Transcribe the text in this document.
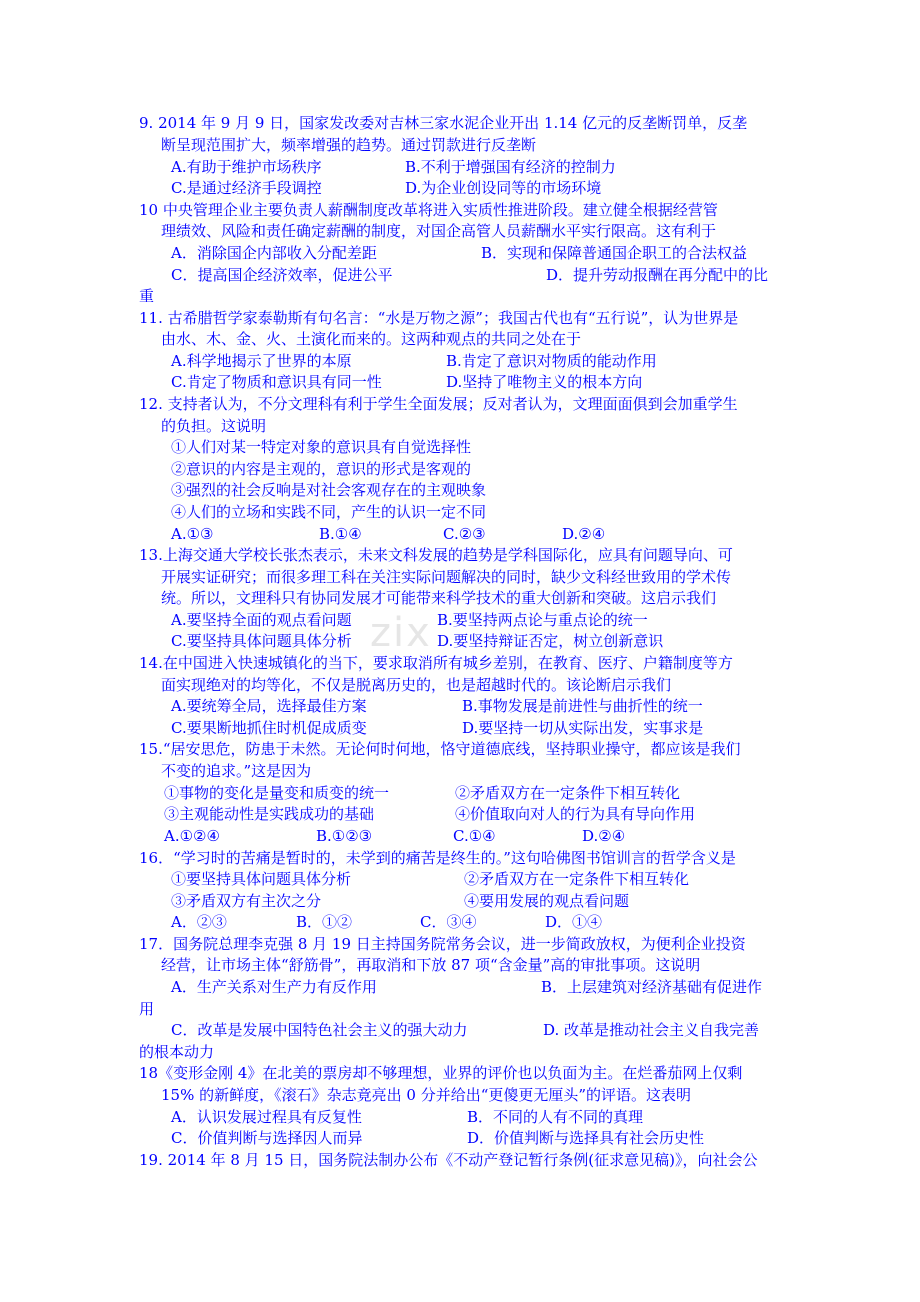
zix
9. 2014 年 9 月 9 日，国家发改委对吉林三家水泥企业开出 1.14 亿元的反垄断罚单，反垄
断呈现范围扩大，频率增强的趋势。通过罚款进行反垄断
A.有助于维护市场秩序	B.不利于增强国有经济的控制力
C.是通过经济手段调控	D.为企业创设同等的市场环境
10 中央管理企业主要负责人薪酬制度改革将进入实质性推进阶段。建立健全根据经营管
理绩效、风险和责任确定薪酬的制度，对国企高管人员薪酬水平实行限高。这有利于
A．消除国企内部收入分配差距	B．实现和保障普通国企职工的合法权益
C．提高国企经济效率，促进公平	D．提升劳动报酬在再分配中的比
重
11. 古希腊哲学家泰勒斯有句名言：“水是万物之源”；我国古代也有“五行说”，认为世界是
由水、木、金、火、土演化而来的。这两种观点的共同之处在于
A.科学地揭示了世界的本原	B.肯定了意识对物质的能动作用
C.肯定了物质和意识具有同一性	D.坚持了唯物主义的根本方向
12. 支持者认为，不分文理科有利于学生全面发展；反对者认为，文理面面俱到会加重学生
的负担。这说明
①人们对某一特定对象的意识具有自觉选择性
②意识的内容是主观的，意识的形式是客观的
③强烈的社会反响是对社会客观存在的主观映象
④人们的立场和实践不同，产生的认识一定不同
A.①③	B.①④	C.②③	D.②④
13.上海交通大学校长张杰表示，未来文科发展的趋势是学科国际化，应具有问题导向、可
开展实证研究；而很多理工科在关注实际问题解决的同时，缺少文科经世致用的学术传
统。所以，文理科只有协同发展才可能带来科学技术的重大创新和突破。这启示我们
A.要坚持全面的观点看问题	B.要坚持两点论与重点论的统一
C.要坚持具体问题具体分析	D.要坚持辩证否定，树立创新意识
14.在中国进入快速城镇化的当下，要求取消所有城乡差别，在教育、医疗、户籍制度等方
面实现绝对的均等化，不仅是脱离历史的，也是超越时代的。该论断启示我们
A.要统筹全局，选择最佳方案	B.事物发展是前进性与曲折性的统一
C.要果断地抓住时机促成质变	D.要坚持一切从实际出发，实事求是
15.“居安思危，防患于未然。无论何时何地，恪守道德底线，坚持职业操守，都应该是我们
不变的追求。”这是因为
①事物的变化是量变和质变的统一	②矛盾双方在一定条件下相互转化
③主观能动性是实践成功的基础	④价值取向对人的行为具有导向作用
A.①②④	B.①②③	C.①④	D.②④
16．“学习时的苦痛是暂时的，未学到的痛苦是终生的。”这句哈佛图书馆训言的哲学含义是
①要坚持具体问题具体分析	②矛盾双方在一定条件下相互转化
③矛盾双方有主次之分	④要用发展的观点看问题
A．②③	B．①②	C．③④	D．①④
17．国务院总理李克强 8 月 19 日主持国务院常务会议，进一步简政放权，为便利企业投资
经营，让市场主体“舒筋骨”，再取消和下放 87 项“含金量”高的审批事项。这说明
A．生产关系对生产力有反作用	B．上层建筑对经济基础有促进作
用
C．改革是发展中国特色社会主义的强大动力	D. 改革是推动社会主义自我完善
的根本动力
18《变形金刚 4》在北美的票房却不够理想，业界的评价也以负面为主。在烂番茄网上仅剩
15% 的新鲜度，《滚石》杂志竟亮出 0 分并给出“更傻更无厘头”的评语。这表明
A．认识发展过程具有反复性	B．不同的人有不同的真理
C．价值判断与选择因人而异	D．价值判断与选择具有社会历史性
19. 2014 年 8 月 15 日，国务院法制办公布《不动产登记暂行条例(征求意见稿)》，向社会公
